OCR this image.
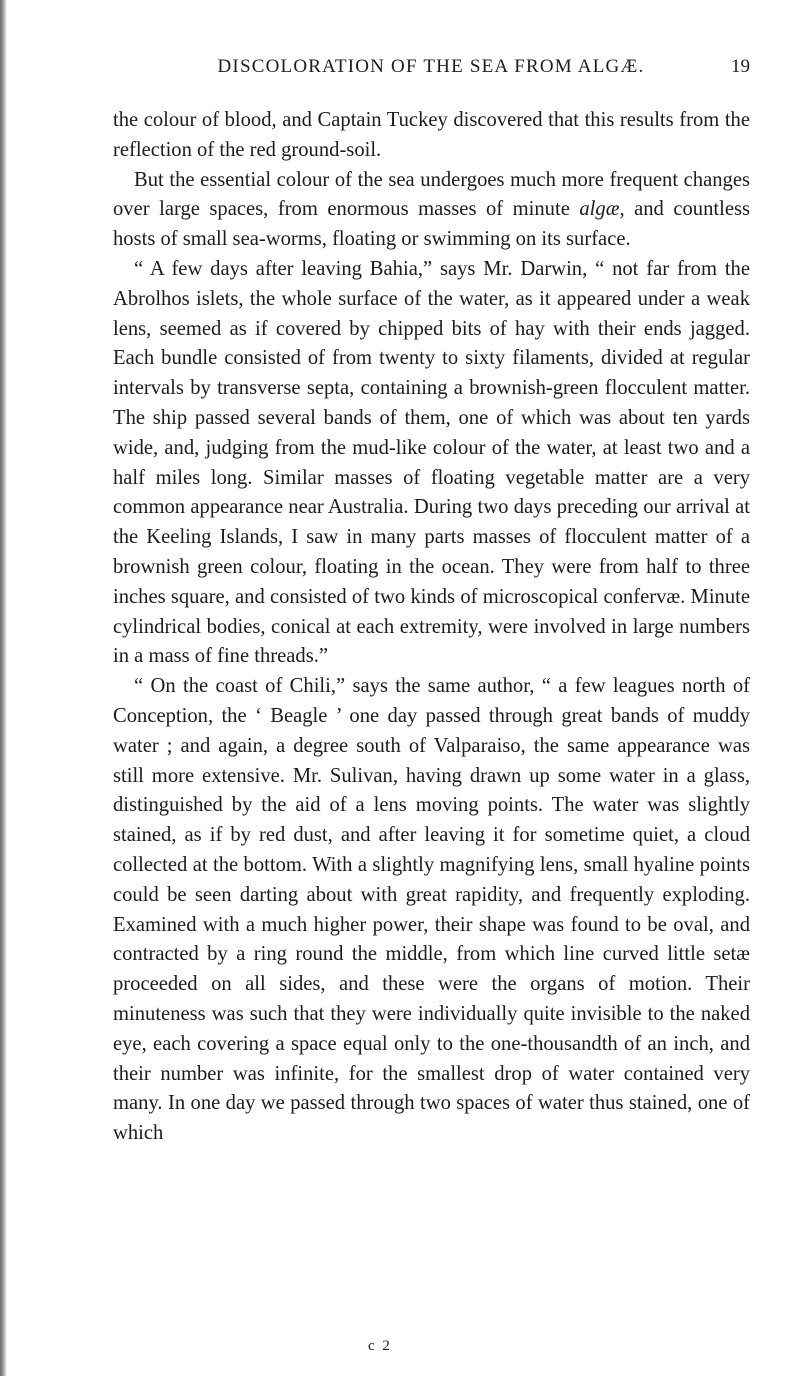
DISCOLORATION OF THE SEA FROM ALGÆ.	19

the colour of blood, and Captain Tuckey discovered that this results from the reflection of the red ground-soil.

But the essential colour of the sea undergoes much more frequent changes over large spaces, from enormous masses of minute algæ, and countless hosts of small sea-worms, floating or swimming on its surface.

“ A few days after leaving Bahia,” says Mr. Darwin, “ not far from the Abrolhos islets, the whole surface of the water, as it appeared under a weak lens, seemed as if covered by chipped bits of hay with their ends jagged. Each bundle consisted of from twenty to sixty filaments, divided at regular intervals by transverse septa, containing a brownish-green flocculent matter. The ship passed several bands of them, one of which was about ten yards wide, and, judging from the mud-like colour of the water, at least two and a half miles long. Similar masses of floating vegetable matter are a very common appearance near Australia. During two days preceding our arrival at the Keeling Islands, I saw in many parts masses of flocculent matter of a brownish green colour, floating in the ocean. They were from half to three inches square, and consisted of two kinds of microscopical confervæ. Minute cylindrical bodies, conical at each extremity, were involved in large numbers in a mass of fine threads.”

“ On the coast of Chili,” says the same author, “ a few leagues north of Conception, the ‘ Beagle ’ one day passed through great bands of muddy water ; and again, a degree south of Valparaiso, the same appearance was still more extensive. Mr. Sulivan, having drawn up some water in a glass, distinguished by the aid of a lens moving points. The water was slightly stained, as if by red dust, and after leaving it for sometime quiet, a cloud collected at the bottom. With a slightly magnifying lens, small hyaline points could be seen darting about with great rapidity, and frequently exploding. Examined with a much higher power, their shape was found to be oval, and contracted by a ring round the middle, from which line curved little setæ proceeded on all sides, and these were the organs of motion. Their minuteness was such that they were individually quite invisible to the naked eye, each covering a space equal only to the one-thousandth of an inch, and their number was infinite, for the smallest drop of water contained very many. In one day we passed through two spaces of water thus stained, one of which

c 2
